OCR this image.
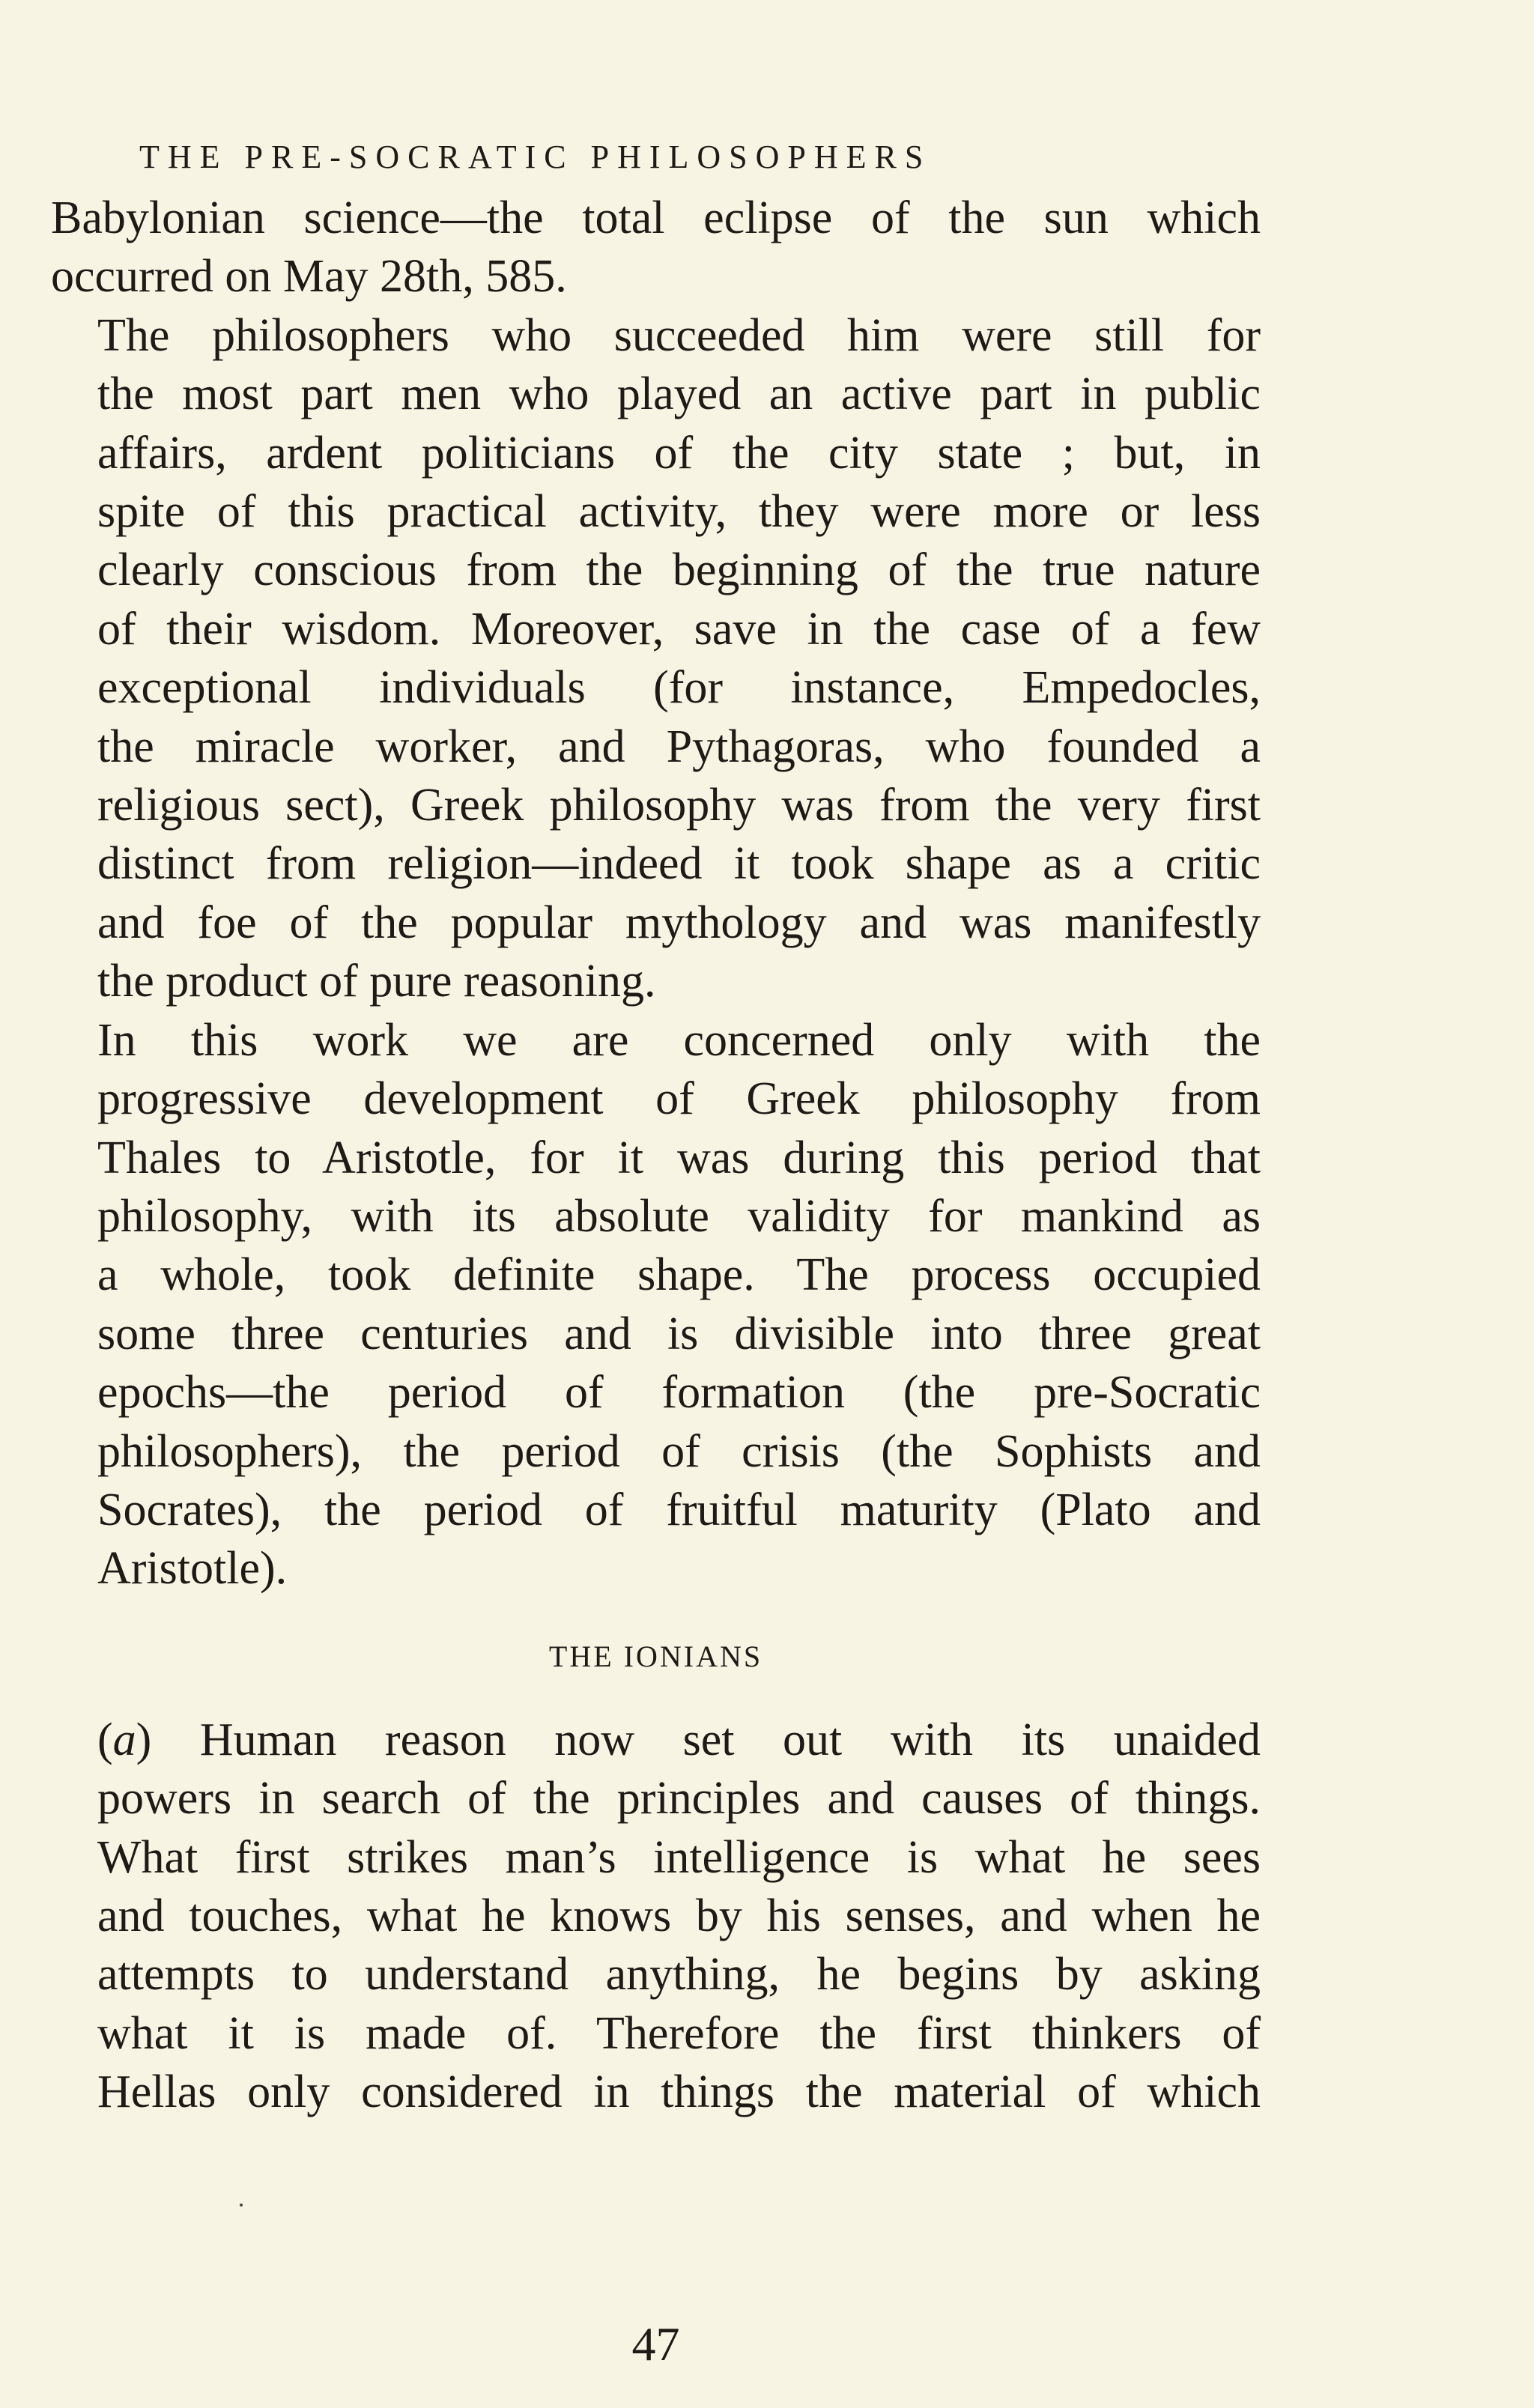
THE PRE-SOCRATIC PHILOSOPHERS
Babylonian science—the total eclipse of the sun which
occurred on May 28th, 585.
The philosophers who succeeded him were still for
the most part men who played an active part in public
affairs, ardent politicians of the city state ; but, in
spite of this practical activity, they were more or less
clearly conscious from the beginning of the true nature
of their wisdom. Moreover, save in the case of a few
exceptional individuals (for instance, Empedocles,
the miracle worker, and Pythagoras, who founded a
religious sect), Greek philosophy was from the very first
distinct from religion—indeed it took shape as a critic
and foe of the popular mythology and was manifestly
the product of pure reasoning.
In this work we are concerned only with the
progressive development of Greek philosophy from
Thales to Aristotle, for it was during this period that
philosophy, with its absolute validity for mankind as
a whole, took definite shape. The process occupied
some three centuries and is divisible into three great
epochs—the period of formation (the pre-Socratic
philosophers), the period of crisis (the Sophists and
Socrates), the period of fruitful maturity (Plato and
Aristotle).
THE IONIANS
(a) Human reason now set out with its unaided
powers in search of the principles and causes of things.
What first strikes man’s intelligence is what he sees
and touches, what he knows by his senses, and when he
attempts to understand anything, he begins by asking
what it is made of. Therefore the first thinkers of
Hellas only considered in things the material of which
47
